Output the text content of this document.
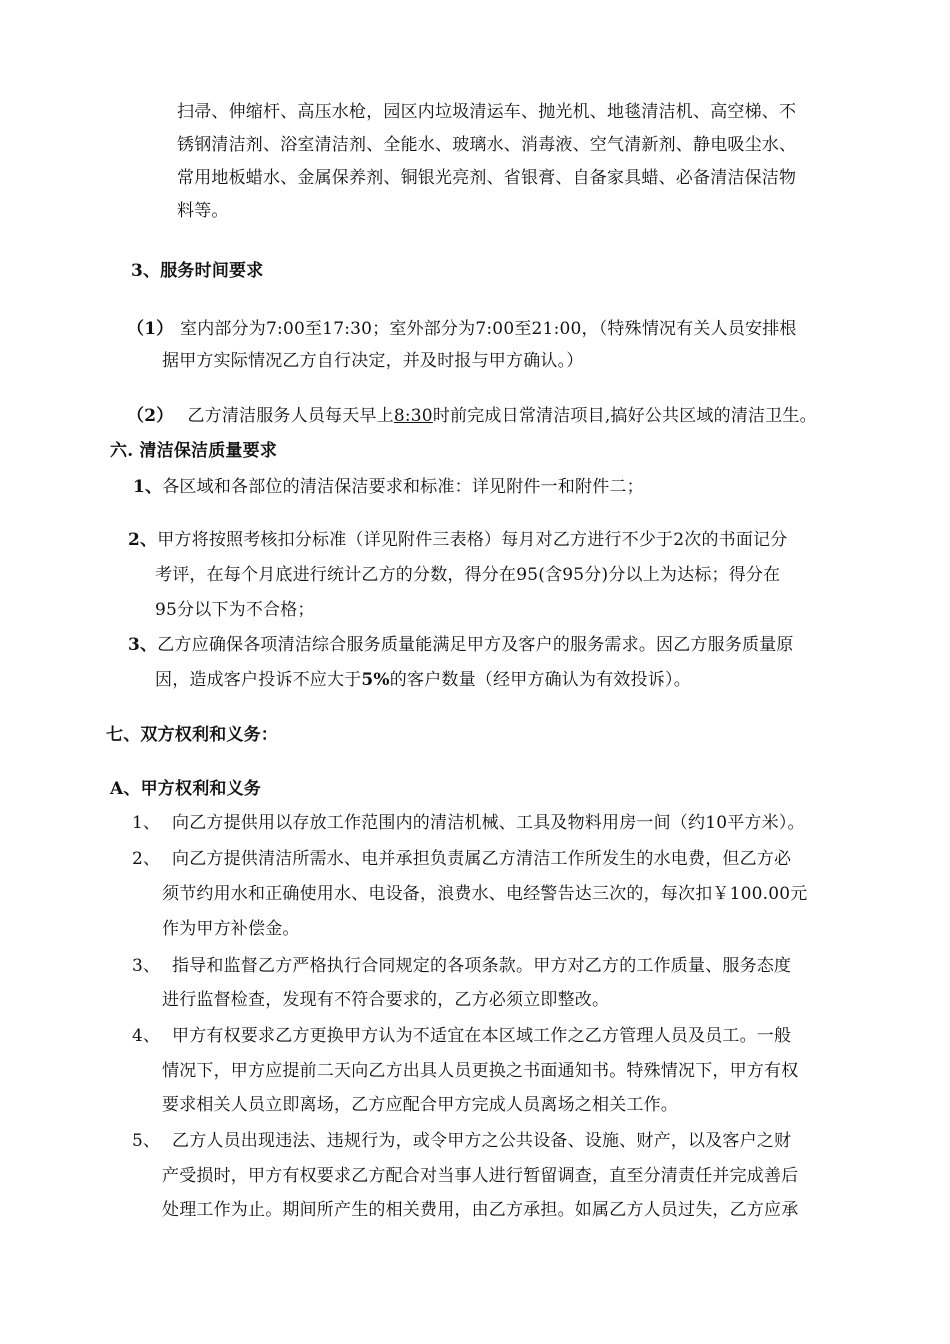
扫帚、伸缩杆、高压水枪，园区内垃圾清运车、抛光机、地毯清洁机、高空梯、不
锈钢清洁剂、浴室清洁剂、全能水、玻璃水、消毒液、空气清新剂、静电吸尘水、
常用地板蜡水、金属保养剂、铜银光亮剂、省银膏、自备家具蜡、必备清洁保洁物
料等。
3、服务时间要求
（1） 室内部分为7:00至17:30；室外部分为7:00至21:00，（特殊情况有关人员安排根
据甲方实际情况乙方自行决定，并及时报与甲方确认。）
（2） 乙方清洁服务人员每天早上8:30时前完成日常清洁项目,搞好公共区域的清洁卫生。
六. 清洁保洁质量要求
1、各区域和各部位的清洁保洁要求和标准：详见附件一和附件二；
2、甲方将按照考核扣分标准（详见附件三表格）每月对乙方进行不少于2次的书面记分
考评，在每个月底进行统计乙方的分数，得分在95(含95分)分以上为达标；得分在
95分以下为不合格；
3、乙方应确保各项清洁综合服务质量能满足甲方及客户的服务需求。因乙方服务质量原
因，造成客户投诉不应大于5%的客户数量（经甲方确认为有效投诉）。
七、双方权利和义务：
A、甲方权利和义务
1、 向乙方提供用以存放工作范围内的清洁机械、工具及物料用房一间（约10平方米）。
2、 向乙方提供清洁所需水、电并承担负责属乙方清洁工作所发生的水电费，但乙方必
须节约用水和正确使用水、电设备，浪费水、电经警告达三次的，每次扣￥100.00元
作为甲方补偿金。
3、 指导和监督乙方严格执行合同规定的各项条款。甲方对乙方的工作质量、服务态度
进行监督检查，发现有不符合要求的，乙方必须立即整改。
4、 甲方有权要求乙方更换甲方认为不适宜在本区域工作之乙方管理人员及员工。一般
情况下，甲方应提前二天向乙方出具人员更换之书面通知书。特殊情况下，甲方有权
要求相关人员立即离场，乙方应配合甲方完成人员离场之相关工作。
5、 乙方人员出现违法、违规行为，或令甲方之公共设备、设施、财产，以及客户之财
产受损时，甲方有权要求乙方配合对当事人进行暂留调查，直至分清责任并完成善后
处理工作为止。期间所产生的相关费用，由乙方承担。如属乙方人员过失，乙方应承
